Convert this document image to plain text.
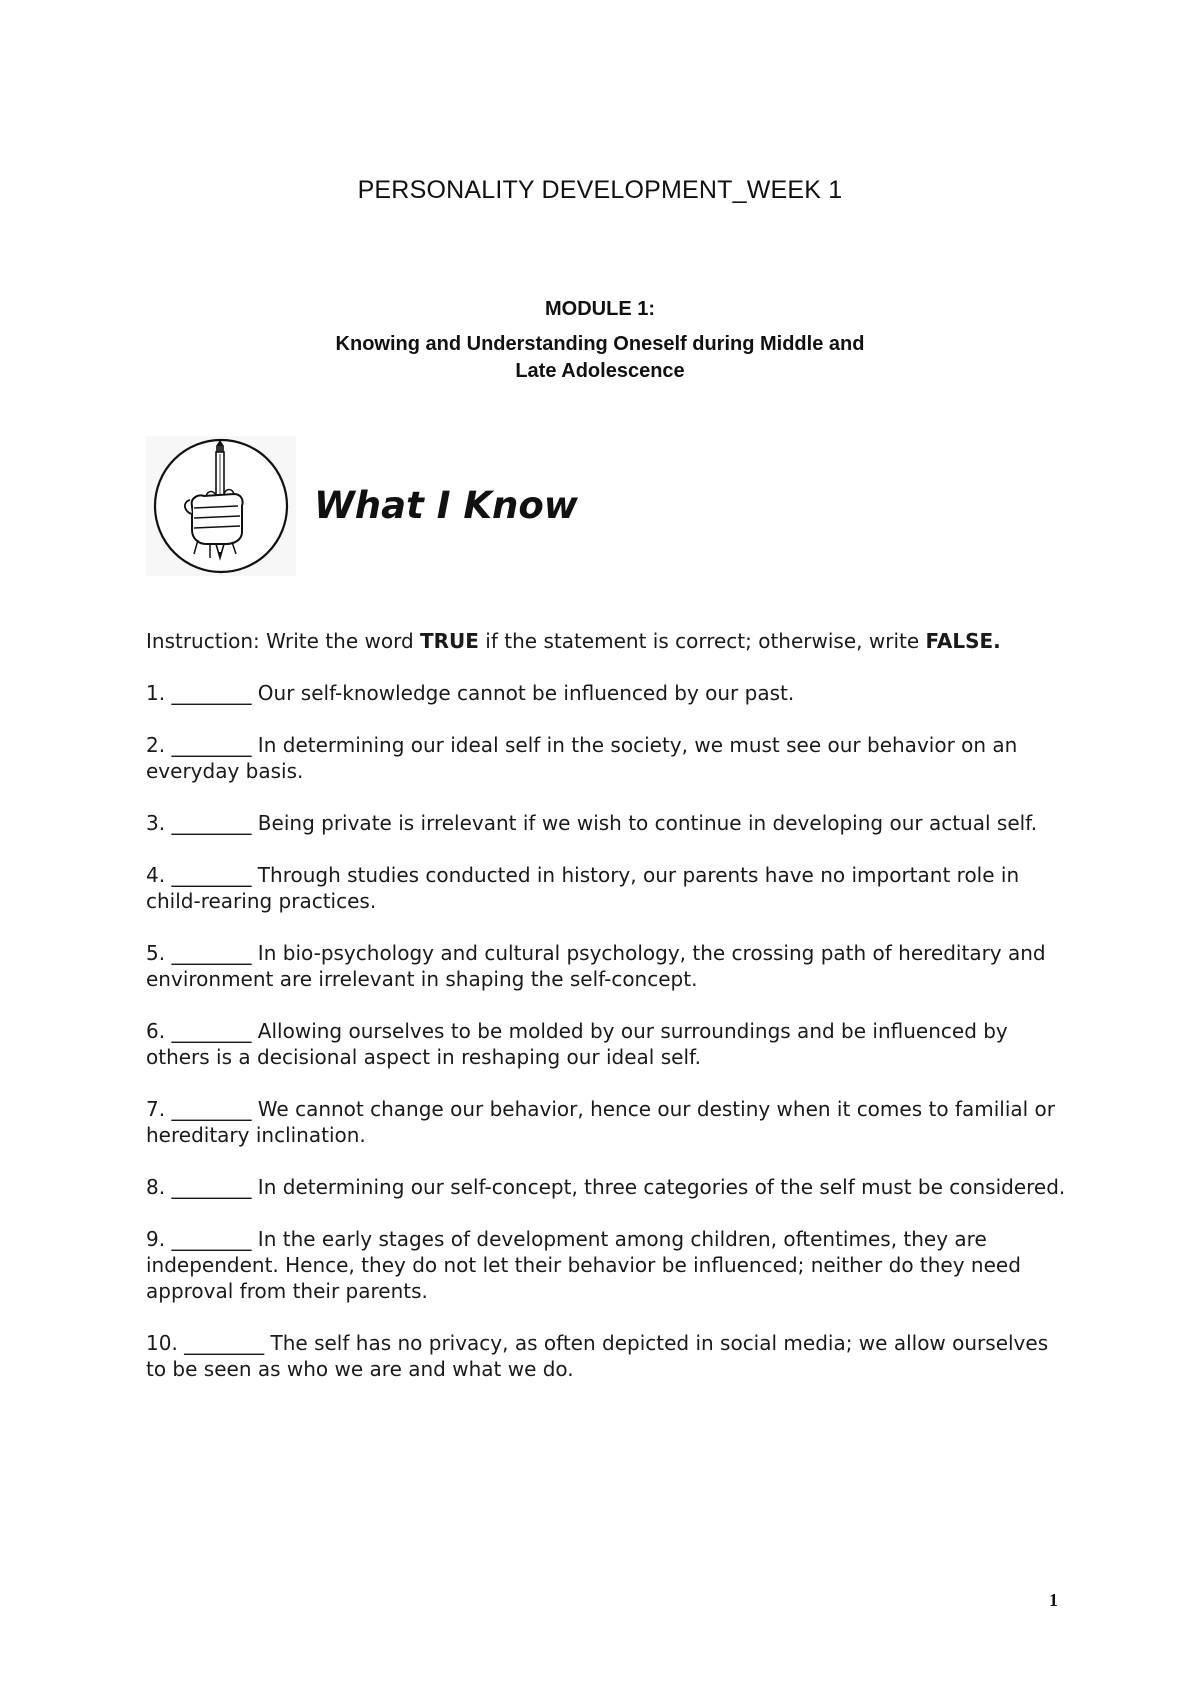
PERSONALITY DEVELOPMENT_WEEK 1
MODULE 1:
Knowing and Understanding Oneself during Middle and
Late Adolescence
What I Know

Instruction: Write the word TRUE if the statement is correct; otherwise, write FALSE.

1. ________ Our self-knowledge cannot be influenced by our past.
2. ________ In determining our ideal self in the society, we must see our behavior on an everyday basis.
3. ________ Being private is irrelevant if we wish to continue in developing our actual self.
4. ________ Through studies conducted in history, our parents have no important role in child-rearing practices.
5. ________ In bio-psychology and cultural psychology, the crossing path of hereditary and environment are irrelevant in shaping the self-concept.
6. ________ Allowing ourselves to be molded by our surroundings and be influenced by others is a decisional aspect in reshaping our ideal self.
7. ________ We cannot change our behavior, hence our destiny when it comes to familial or hereditary inclination.
8. ________ In determining our self-concept, three categories of the self must be considered.
9. ________ In the early stages of development among children, oftentimes, they are independent. Hence, they do not let their behavior be influenced; neither do they need approval from their parents.
10. ________ The self has no privacy, as often depicted in social media; we allow ourselves to be seen as who we are and what we do.
1
